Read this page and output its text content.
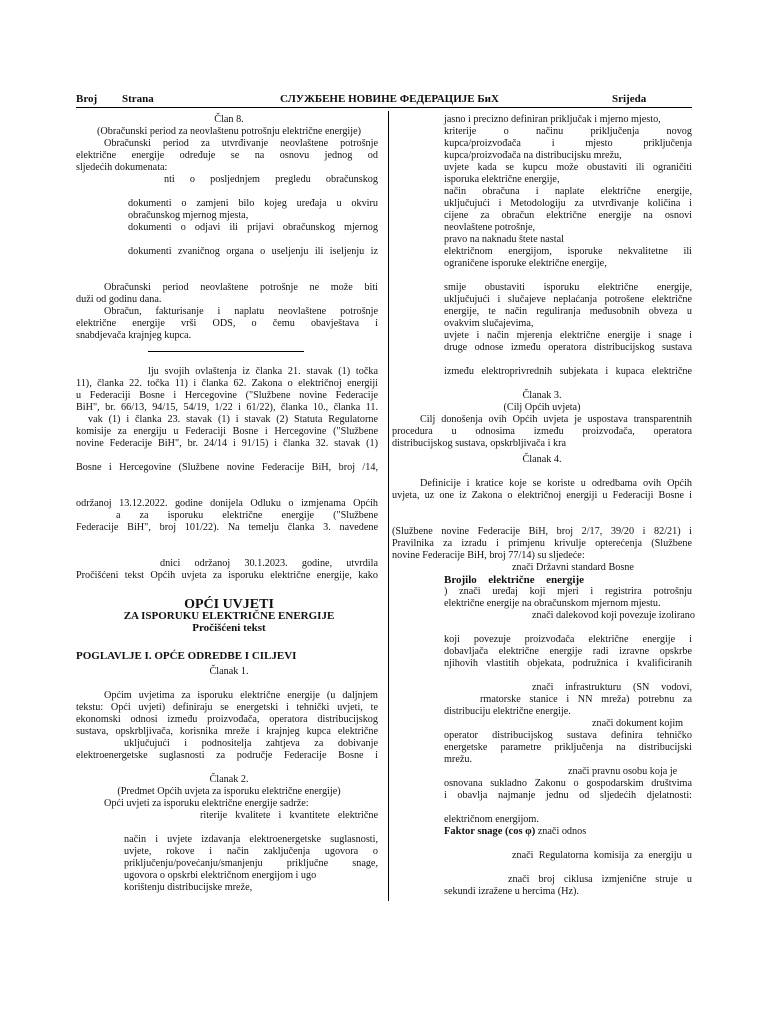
Broj Strana	СЛУЖБЕНЕ НОВИНЕ ФЕДЕРАЦИЈЕ БиХ	Srijeda
Član 8.
(Obračunski period za neovlaštenu potrošnju električne energije)
Obračunski period za utvrđivanje neovlaštene potrošnje
električne energije određuje se na osnovu jednog od
sljedećih dokumenata:
nti o posljednjem pregledu obračunskog
dokumenti o zamjeni bilo kojeg uređaja u okviru
obračunskog mjernog mjesta,
dokumenti o odjavi ili prijavi obračunskog mjernog
dokumenti zvaničnog organa o useljenju ili iseljenju iz
Obračunski period neovlaštene potrošnje ne može biti
duži od godinu dana.
Obračun, fakturisanje i naplatu neovlaštene potrošnje
električne energije vrši ODS, o čemu obavještava i
snabdjevača krajnjeg kupca.
lju svojih ovlaštenja iz članka 21. stavak (1) točka
11), članka 22. točka 11) i članka 62. Zakona o električnoj energiji
u Federaciji Bosne i Hercegovine ("Službene novine Federacije
BiH", br. 66/13, 94/15, 54/19, 1/22 i 61/22), članka 10., članka 11.
vak (1) i članka 23. stavak (1) i stavak (2) Statuta Regulatorne
komisije za energiju u Federaciji Bosne i Hercegovine ("Službene
novine Federacije BiH", br. 24/14 i 91/15) i članka 32. stavak (1)
Bosne i Hercegovine (Službene novine Federacije BiH, broj /14,
održanoj 13.12.2022. godine donijela Odluku o izmjenama Općih
a za isporuku električne energije ("Službene
Federacije BiH", broj 101/22). Na temelju članka 3. navedene
dnici održanoj 30.1.2023. godine, utvrdila
Pročišćeni tekst Općih uvjeta za isporuku električne energije, kako
OPĆI UVJETI
ZA ISPORUKU ELEKTRIČNE ENERGIJE
Pročišćeni tekst
POGLAVLJE I. OPĆE ODREDBE I CILJEVI
Članak 1.
Općim uvjetima za isporuku električne energije (u daljnjem
tekstu: Opći uvjeti) definiraju se energetski i tehnički uvjeti, te
ekonomski odnosi između proizvođača, operatora distribucijskog
sustava, opskrbljivača, korisnika mreže i krajnjeg kupca električne
uključujući i podnositelja zahtjeva za dobivanje
elektroenergetske suglasnosti za područje Federacije Bosne i
Članak 2.
(Predmet Općih uvjeta za isporuku električne energije)
Opći uvjeti za isporuku električne energije sadrže:
riterije kvalitete i kvantitete električne
način i uvjete izdavanja elektroenergetske suglasnosti,
uvjete, rokove i način zaključenja ugovora o
priključenju/povećanju/smanjenju priključne snage,
ugovora o opskrbi električnom energijom i ugo
korištenju distribucijske mreže,
jasno i precizno definiran priključak i mjerno mjesto,
kriterije o načinu priključenja novog
kupca/proizvođača i mjesto priključenja
kupca/proizvođača na distribucijsku mrežu,
uvjete kada se kupcu može obustaviti ili ograničiti
isporuka električne energije,
način obračuna i naplate električne energije,
uključujući i Metodologiju za utvrđivanje količina i
cijene za obračun električne energije na osnovi
neovlaštene potrošnje,
pravo na naknadu štete nastal
električnom energijom, isporuke nekvalitetne ili
ograničene isporuke električne energije,
smije obustaviti isporuku električne energije,
uključujući i slučajeve neplaćanja potrošene električne
energije, te način reguliranja međusobnih obveza u
ovakvim slučajevima,
uvjete i način mjerenja električne energije i snage i
druge odnose između operatora distribucijskog sustava
između elektroprivrednih subjekata i kupaca električne
Članak 3.
(Cilj Općih uvjeta)
Cilj donošenja ovih Općih uvjeta je uspostava transparentnih
procedura u odnosima između proizvođača, operatora
distribucijskog sustava, opskrbljivača i kra
Članak 4.
Definicije i kratice koje se koriste u odredbama ovih Općih
uvjeta, uz one iz Zakona o električnoj energiji u Federaciji Bosne i
(Službene novine Federacije BiH, broj 2/17, 39/20 i 82/21) i
Pravilnika za izradu i primjenu krivulje opterećenja (Službene
novine Federacije BiH, broj 77/14) su sljedeće:
znači Državni standard Bosne
Brojilo električne energije
) znači uređaj koji mjeri i registrira potrošnju
električne energije na obračunskom mjernom mjestu.
znači dalekovod koji povezuje izolirano
koji povezuje proizvođača električne energije i
dobavljača električne energije radi izravne opskrbe
njihovih vlastitih objekata, podružnica i kvalificiranih
znači infrastrukturu (SN vodovi,
rmatorske stanice i NN mreža) potrebnu za
distribuciju električne energije.
znači dokument kojim
operator distribucijskog sustava definira tehničko
energetske parametre priključenja na distribucijski
mrežu.
znači pravnu osobu koja je
osnovana sukladno Zakonu o gospodarskim društvima
i obavlja najmanje jednu od sljedećih djelatnosti:
električnom energijom.
Faktor snage (cos φ) znači odnos
znači Regulatorna komisija za energiju u
znači broj ciklusa izmjenične struje u
sekundi izražene u hercima (Hz).
